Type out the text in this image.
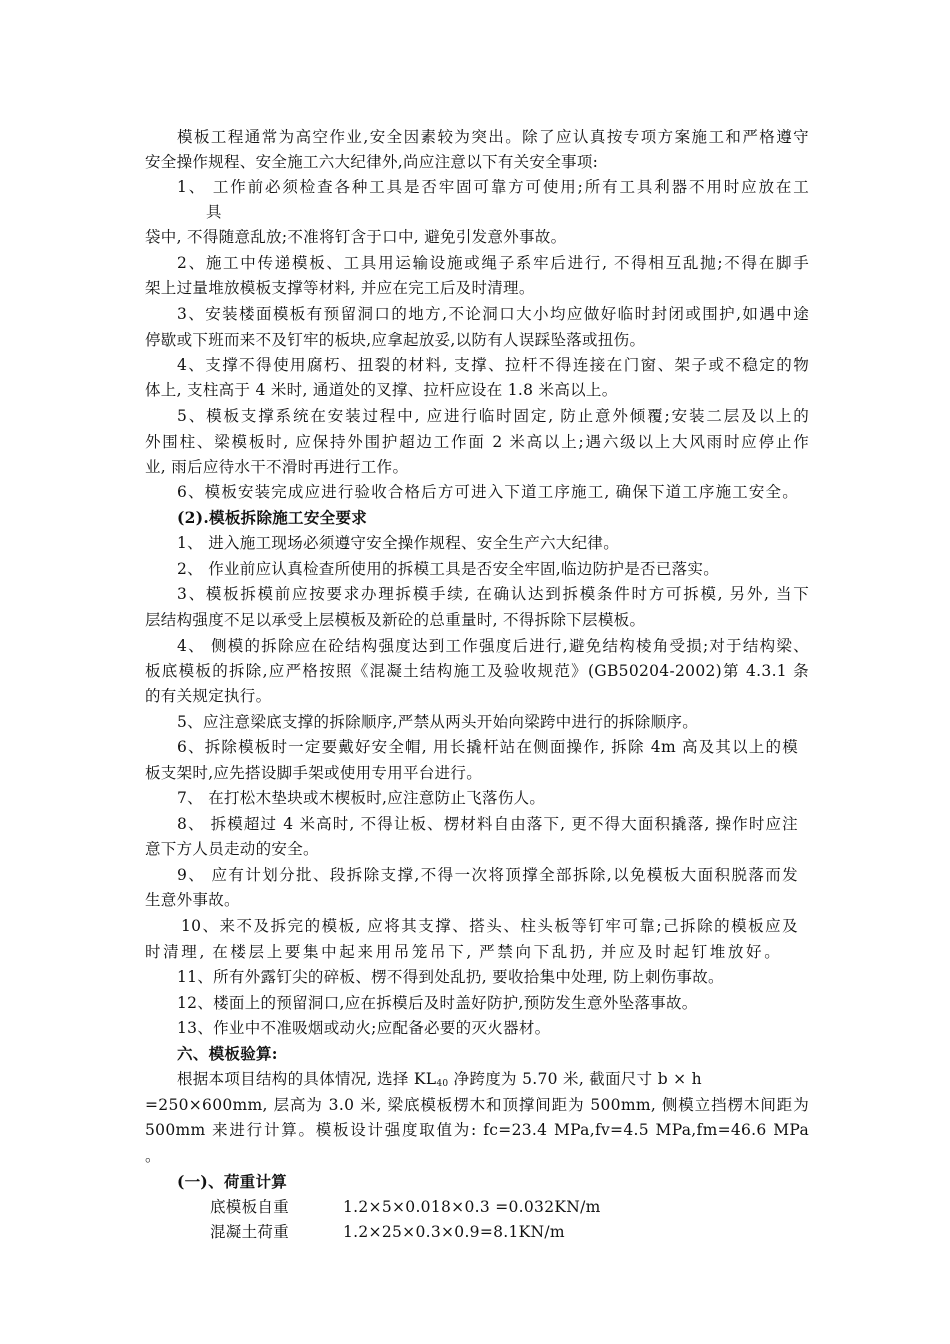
模板工程通常为高空作业,安全因素较为突出。除了应认真按专项方案施工和严格遵守
安全操作规程、安全施工六大纪律外,尚应注意以下有关安全事项:
1、 工作前必须检查各种工具是否牢固可靠方可使用;所有工具利器不用时应放在工
具
袋中, 不得随意乱放;不准将钉含于口中, 避免引发意外事故。
2、施工中传递模板、工具用运输设施或绳子系牢后进行, 不得相互乱抛;不得在脚手
架上过量堆放模板支撑等材料, 并应在完工后及时清理。
3、安装楼面模板有预留洞口的地方,不论洞口大小均应做好临时封闭或围护,如遇中途
停歇或下班而来不及钉牢的板块,应拿起放妥,以防有人误踩坠落或扭伤。
4、支撑不得使用腐朽、扭裂的材料, 支撑、拉杆不得连接在门窗、架子或不稳定的物
体上, 支柱高于 4 米时, 通道处的叉撑、拉杆应设在 1.8 米高以上。
5、模板支撑系统在安装过程中, 应进行临时固定, 防止意外倾覆;安装二层及以上的
外围柱、梁模板时, 应保持外围护超边工作面 2 米高以上;遇六级以上大风雨时应停止作
业, 雨后应待水干不滑时再进行工作。
6、模板安装完成应进行验收合格后方可进入下道工序施工, 确保下道工序施工安全。
(2).模板拆除施工安全要求
1、 进入施工现场必须遵守安全操作规程、安全生产六大纪律。
2、 作业前应认真检查所使用的拆模工具是否安全牢固,临边防护是否已落实。
3、模板拆模前应按要求办理拆模手续, 在确认达到拆模条件时方可拆模, 另外, 当下
层结构强度不足以承受上层模板及新砼的总重量时, 不得拆除下层模板。
4、 侧模的拆除应在砼结构强度达到工作强度后进行,避免结构棱角受损;对于结构梁、
板底模板的拆除,应严格按照《混凝土结构施工及验收规范》(GB50204-2002)第 4.3.1 条
的有关规定执行。
5、应注意梁底支撑的拆除顺序,严禁从两头开始向梁跨中进行的拆除顺序。
6、拆除模板时一定要戴好安全帽, 用长撬杆站在侧面操作, 拆除 4m 高及其以上的模
板支架时,应先搭设脚手架或使用专用平台进行。
7、 在打松木垫块或木楔板时,应注意防止飞落伤人。
8、 拆模超过 4 米高时, 不得让板、楞材料自由落下, 更不得大面积撬落, 操作时应注
意下方人员走动的安全。
9、 应有计划分批、段拆除支撑,不得一次将顶撑全部拆除,以免模板大面积脱落而发
生意外事故。
10、来不及拆完的模板, 应将其支撑、搭头、柱头板等钉牢可靠;己拆除的模板应及
时清理, 在楼层上要集中起来用吊笼吊下, 严禁向下乱扔, 并应及时起钉堆放好。
11、所有外露钉尖的碎板、楞不得到处乱扔, 要收拾集中处理, 防上刺伤事故。
12、楼面上的预留洞口,应在拆模后及时盖好防护,预防发生意外坠落事故。
13、作业中不准吸烟或动火;应配备必要的灭火器材。
六、模板验算:
根据本项目结构的具体情况, 选择 $KL_{40}$ 净跨度为 5.70 米, 截面尺寸 b × h
=250×600mm, 层高为 3.0 米, 梁底模板楞木和顶撑间距为 500mm, 侧模立挡楞木间距为
500mm 来进行计算。模板设计强度取值为: fc=23.4 MPa,fv=4.5 MPa,fm=46.6 MPa
。
(一)、荷重计算
底模板自重	1.2×5×0.018×0.3 =0.032KN/m
混凝土荷重	1.2×25×0.3×0.9=8.1KN/m
